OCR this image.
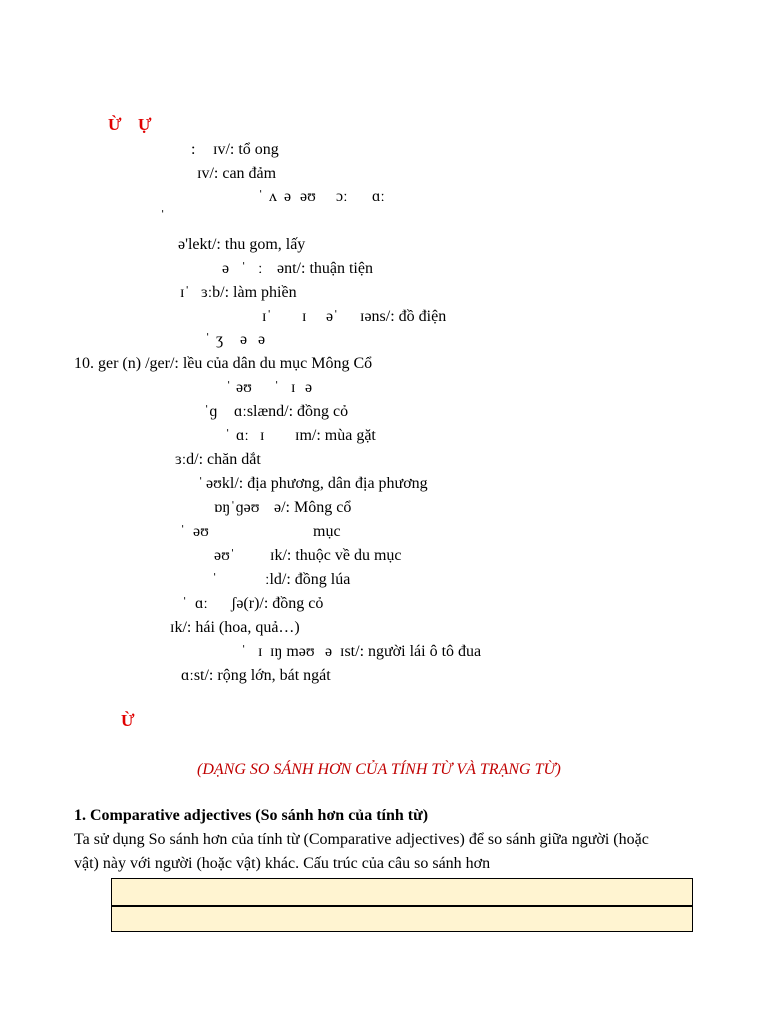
Ừ Ự
: ɪv/: tổ ong
ɪv/: can đảm
ˈ ʌ ə əʊ ɔː ɑː
ˈ
ə'lekt/: thu gom, lấy
ə ˈ ː ənt/: thuận tiện
ɪˈ ɜːb/: làm phiền
ɪˈ ɪ əˈ ɪəns/: đồ điện
ˈ ʒ ə ə
10. ger (n) /ger/: lều của dân du mục Mông Cổ
ˈ əʊ ˈ ɪ ə
ˈɡ ɑːslænd/: đồng cỏ
ˈ ɑː ɪ ɪm/: mùa gặt
ɜːd/: chăn dắt
ˈ əʊkl/: địa phương, dân địa phương
ɒŋˈɡəʊ ə/: Mông cổ
ˈ əʊ	mục
əʊˈ ɪk/: thuộc về du mục
ˈ	ːld/: đồng lúa
ˈ ɑː ʃə(r)/: đồng cỏ
ɪk/: hái (hoa, quả…)
ˈ ɪ ɪŋ məʊ ə ɪst/: người lái ô tô đua
ɑːst/: rộng lớn, bát ngát
Ừ
(DẠNG SO SÁNH HƠN CỦA TÍNH TỪ VÀ TRẠNG TỪ)
1. Comparative adjectives (So sánh hơn của tính từ)
Ta sử dụng So sánh hơn của tính từ (Comparative adjectives) để so sánh giữa người (hoặc
vật) này với người (hoặc vật) khác. Cấu trúc của câu so sánh hơn
